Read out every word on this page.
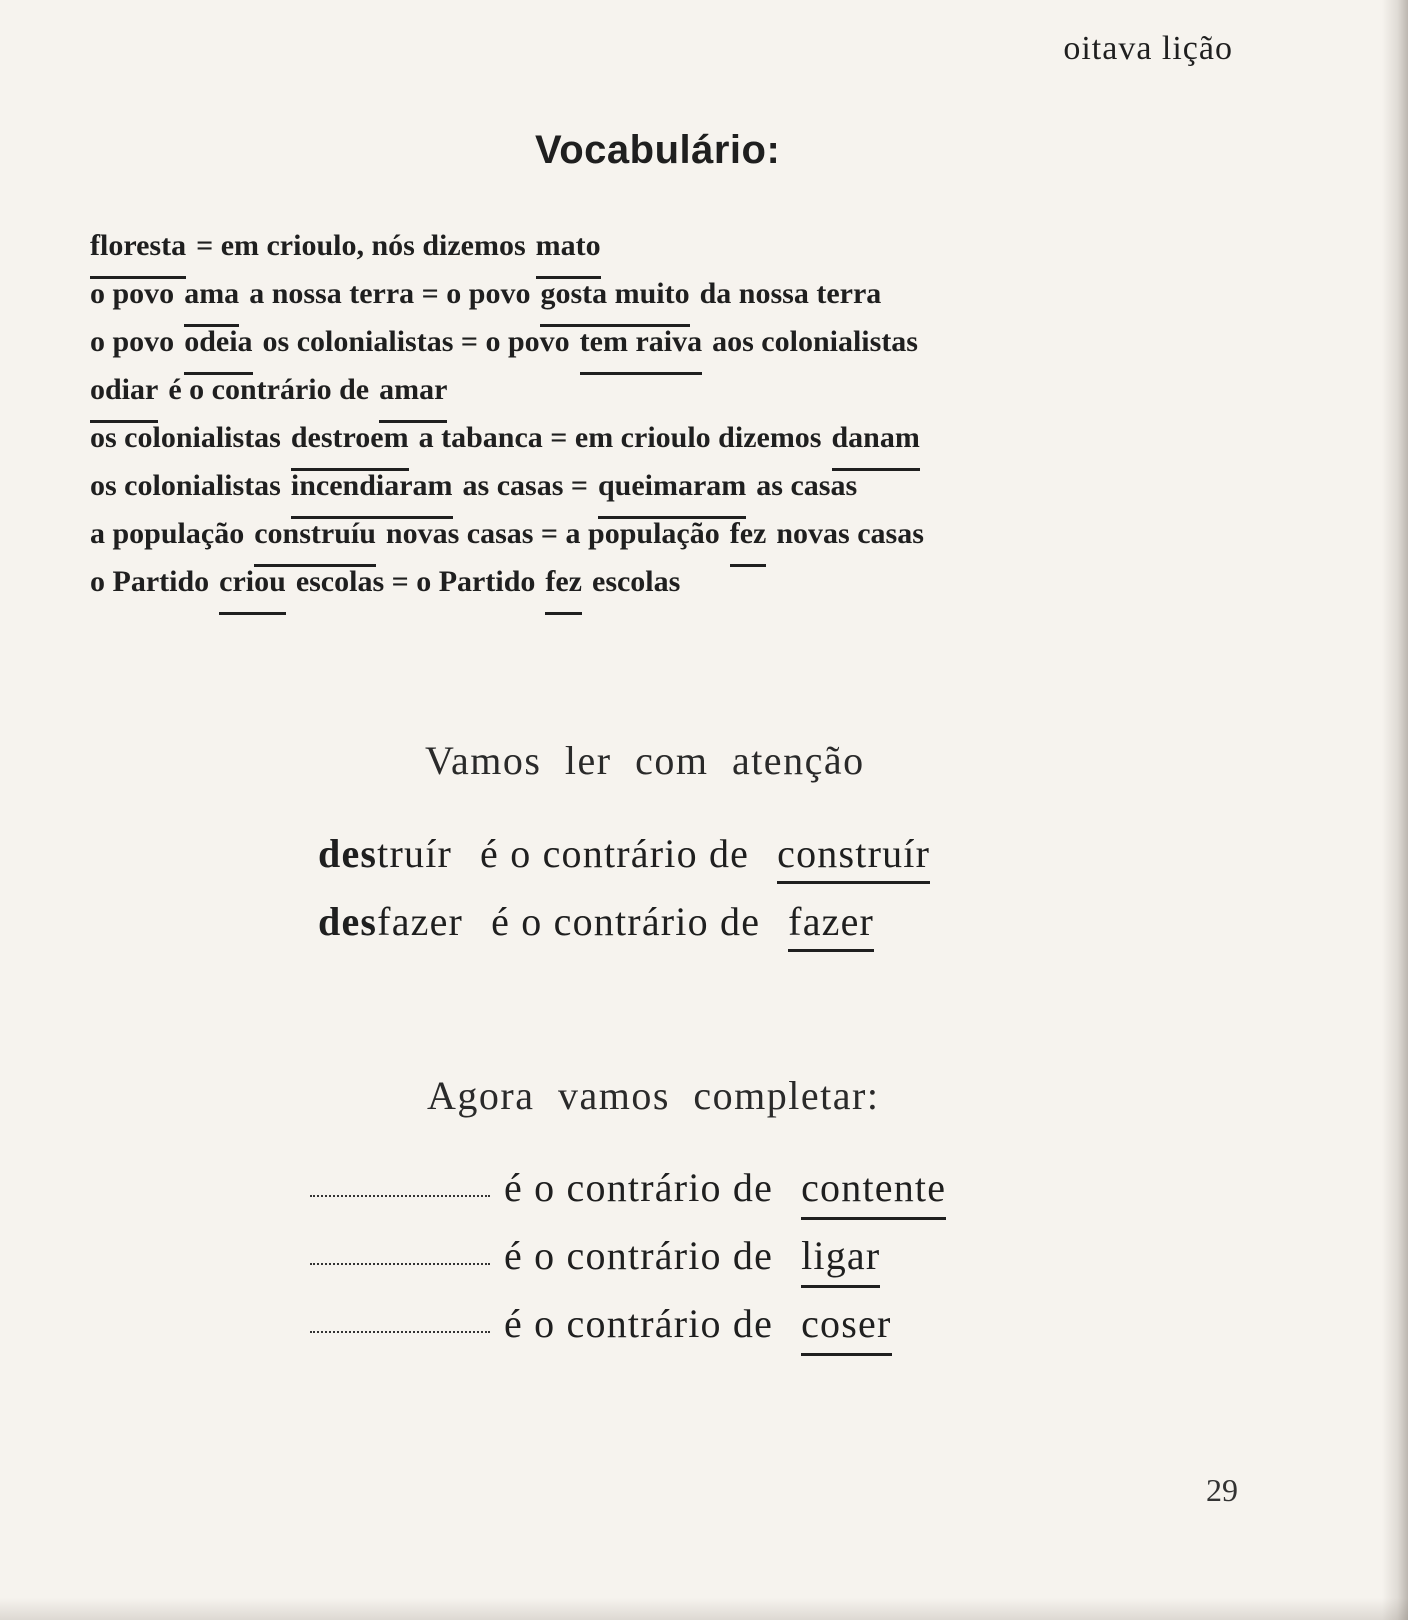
oitava lição
Vocabulário:
floresta = em crioulo, nós dizemos mato
o povo ama a nossa terra = o povo gosta muito da nossa terra
o povo odeia os colonialistas = o povo tem raiva aos colonialistas
odiar é o contrário de amar
os colonialistas destroem a tabanca = em crioulo dizemos danam
os colonialistas incendiaram as casas = queimaram as casas
a população construíu novas casas = a população fez novas casas
o Partido criou escolas = o Partido fez escolas
Vamos ler com atenção
destruír é o contrário de construír
desfazer é o contrário de fazer
Agora vamos completar:
é o contrário de contente
é o contrário de ligar
é o contrário de coser
29
